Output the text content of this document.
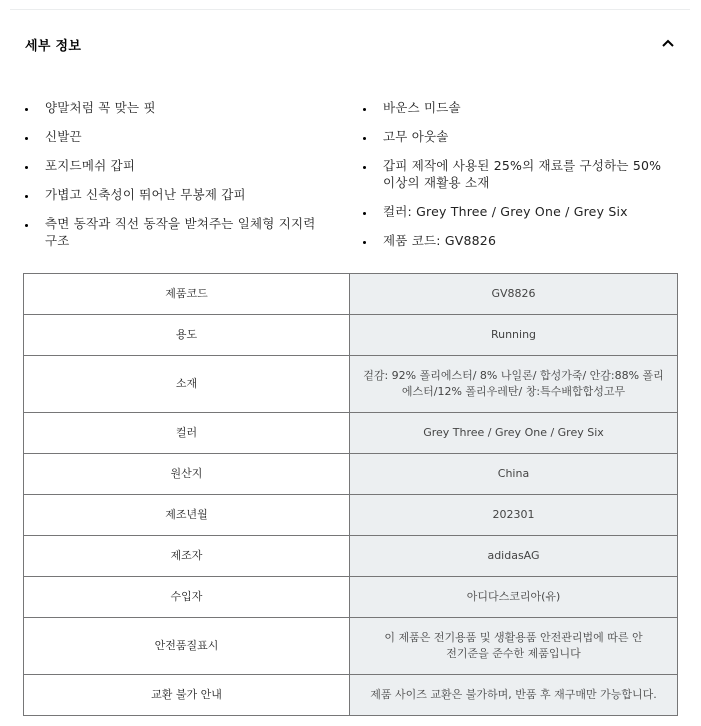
세부 정보
양말처럼 꼭 맞는 핏
신발끈
포지드메쉬 갑피
가볍고 신축성이 뛰어난 무봉제 갑피
측면 동작과 직선 동작을 받쳐주는 일체형 지지력 구조
바운스 미드솔
고무 아웃솔
갑피 제작에 사용된 25%의 재료를 구성하는 50% 이상의 재활용 소재
컬러: Grey Three / Grey One / Grey Six
제품 코드: GV8826
제품코드	GV8826
용도	Running
소재	겉감: 92% 폴리에스터/ 8% 나일론/ 합성가죽/ 안감:88% 폴리에스터/12% 폴리우레탄/ 창:특수배합합성고무
컬러	Grey Three / Grey One / Grey Six
원산지	China
제조년월	202301
제조자	adidasAG
수입자	아디다스코리아(유)
안전품질표시	이 제품은 전기용품 및 생활용품 안전관리법에 따른 안전기준을 준수한 제품입니다
교환 불가 안내	제품 사이즈 교환은 불가하며, 반품 후 재구매만 가능합니다.
